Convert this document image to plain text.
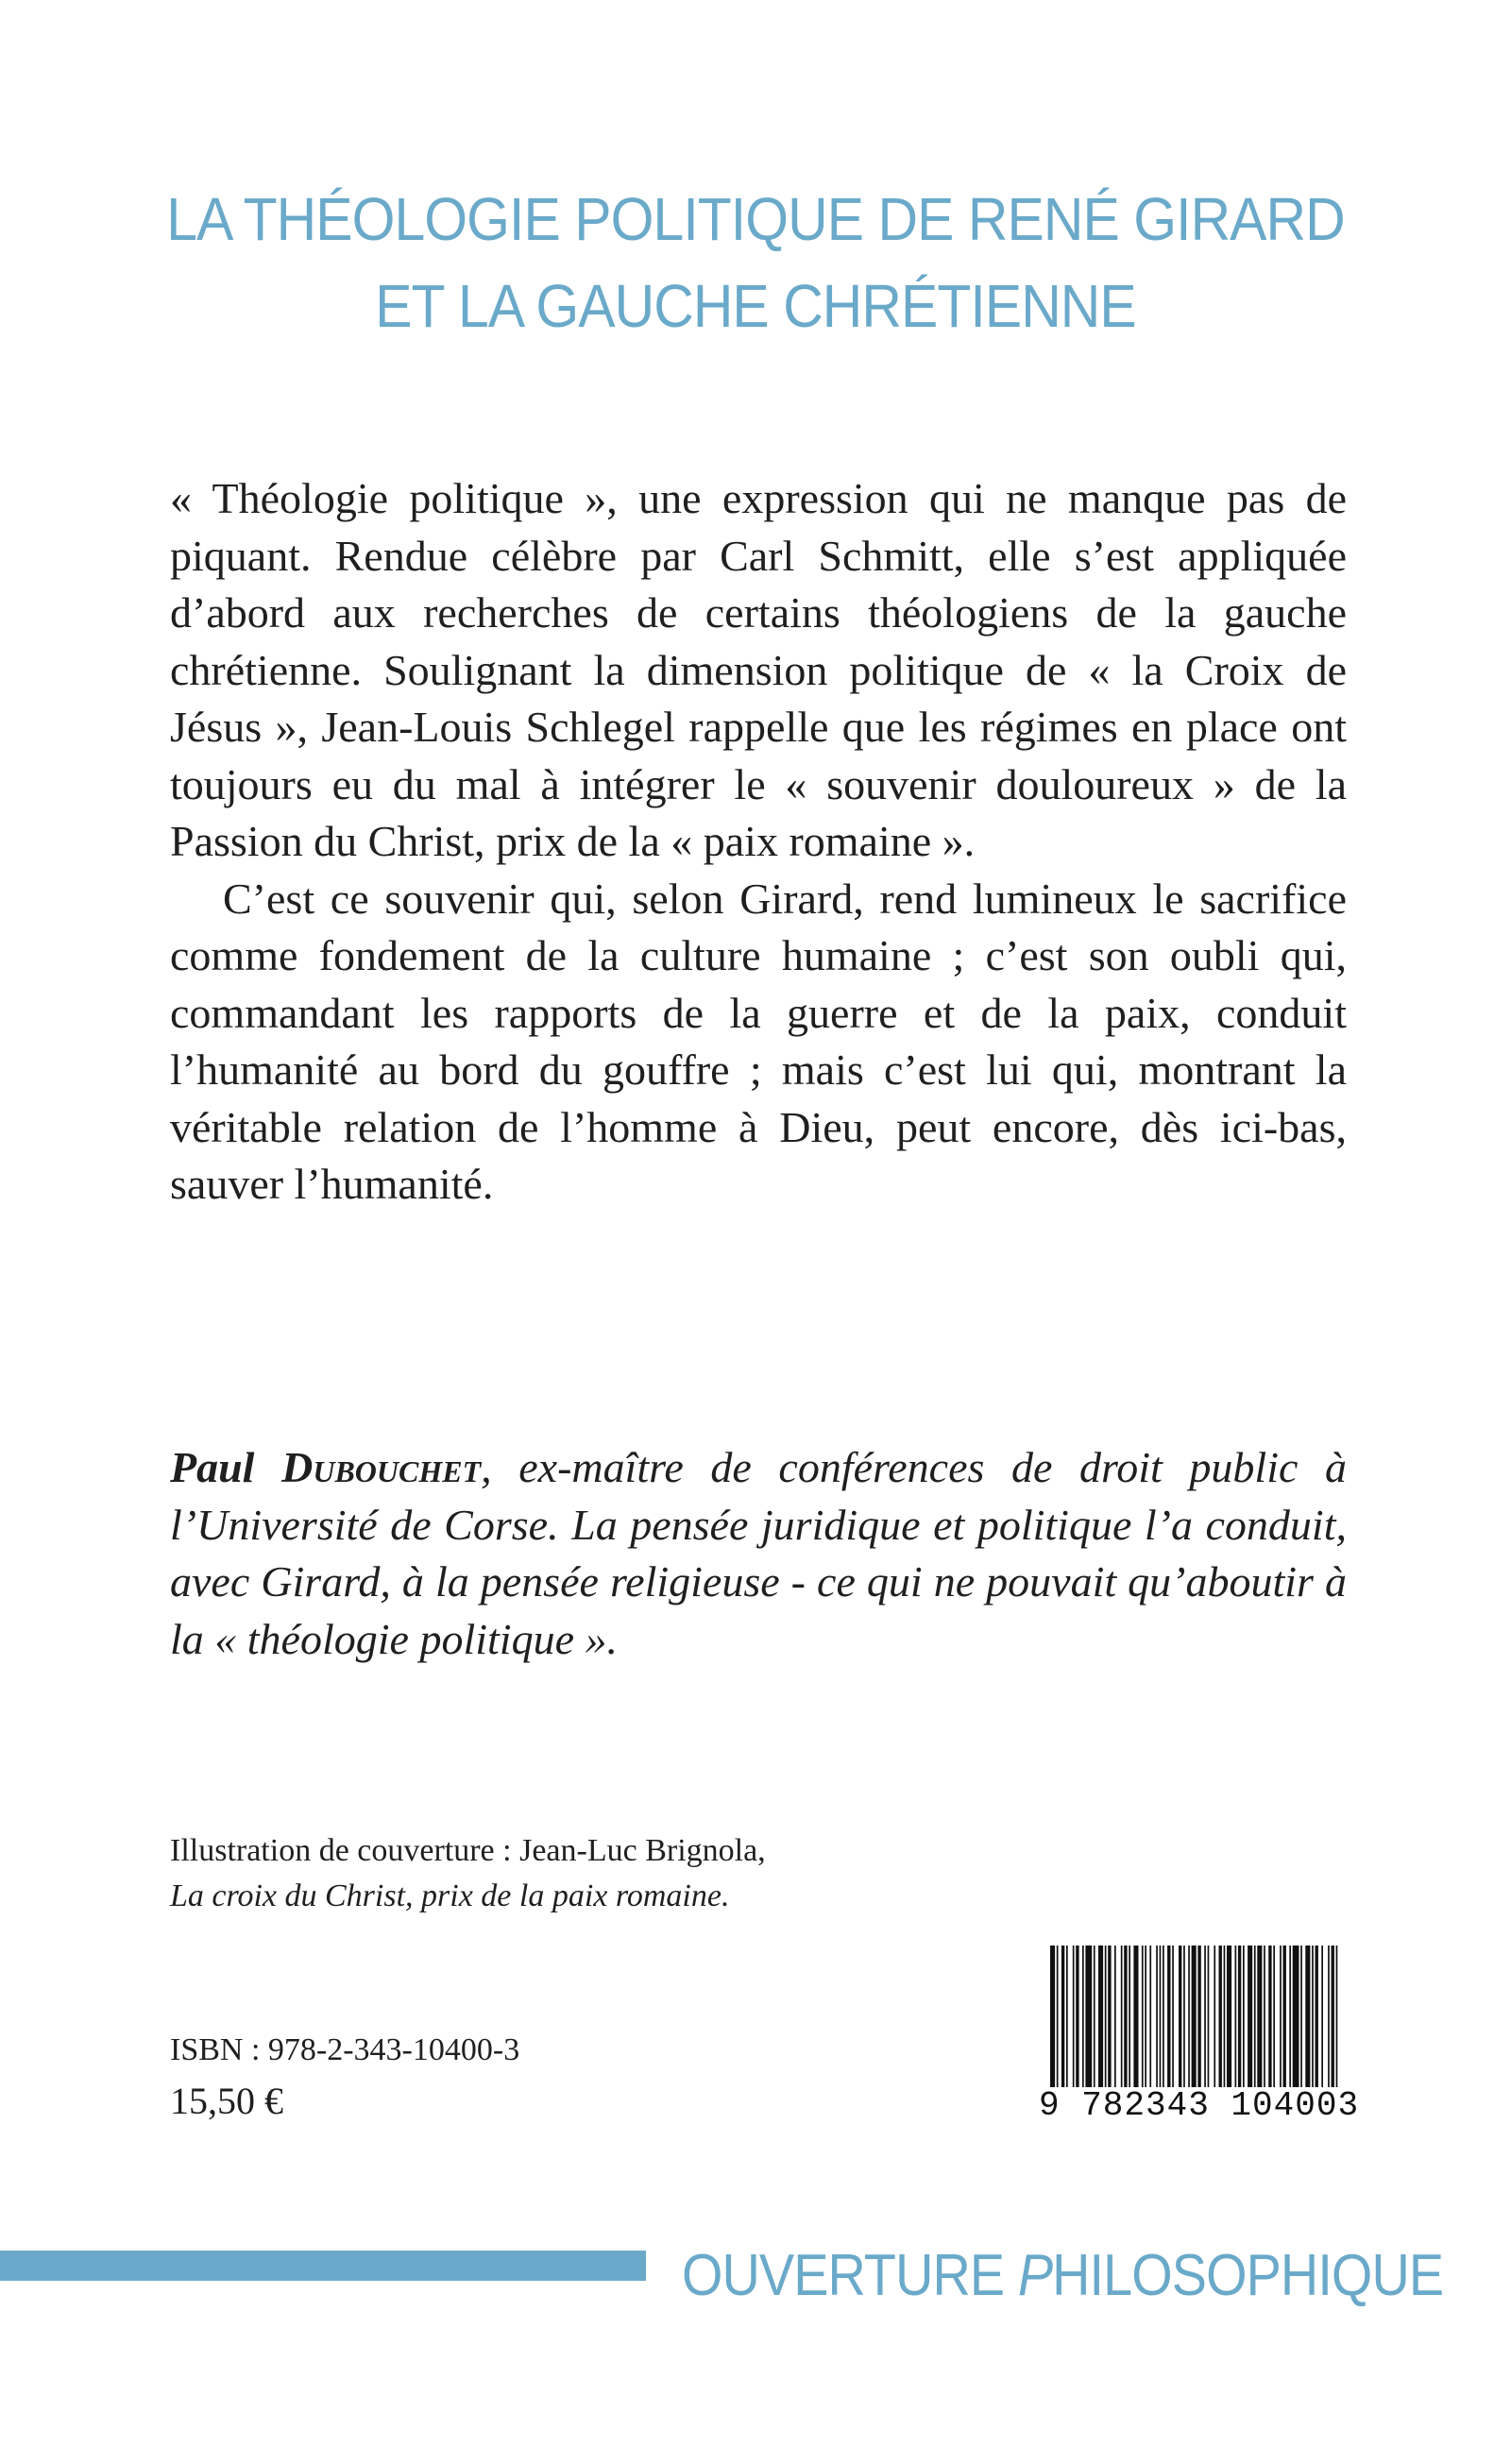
LA THÉOLOGIE POLITIQUE DE RENÉ GIRARD
ET LA GAUCHE CHRÉTIENNE

« Théologie politique », une expression qui ne manque pas de piquant. Rendue célèbre par Carl Schmitt, elle s’est appliquée d’abord aux recherches de certains théologiens de la gauche chrétienne. Soulignant la dimension politique de « la Croix de Jésus », Jean-Louis Schlegel rappelle que les régimes en place ont toujours eu du mal à intégrer le « souvenir douloureux » de la Passion du Christ, prix de la « paix romaine ».

C’est ce souvenir qui, selon Girard, rend lumineux le sacrifice comme fondement de la culture humaine ; c’est son oubli qui, commandant les rapports de la guerre et de la paix, conduit l’humanité au bord du gouffre ; mais c’est lui qui, montrant la véritable relation de l’homme à Dieu, peut encore, dès ici-bas, sauver l’humanité.

Paul Dubouchet, ex-maître de conférences de droit public à l’Université de Corse. La pensée juridique et politique l’a conduit, avec Girard, à la pensée religieuse - ce qui ne pouvait qu’aboutir à la « théologie politique ».
Illustration de couverture : Jean-Luc Brignola,
La croix du Christ, prix de la paix romaine.
ISBN : 978-2-343-10400-3
15,50 €	9 782343 104003
OUVERTURE PHILOSOPHIQUE
